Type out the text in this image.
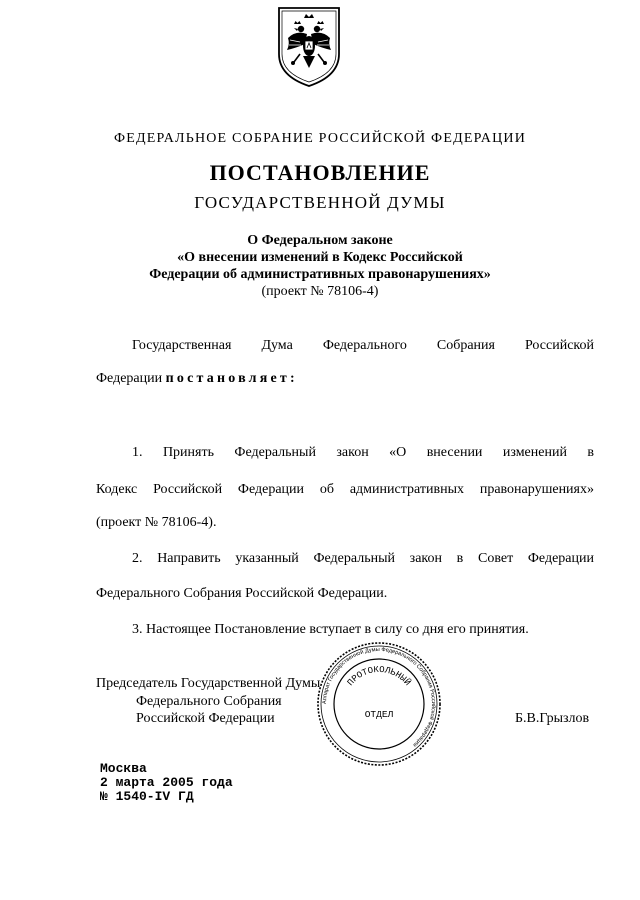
ФЕДЕРАЛЬНОЕ СОБРАНИЕ РОССИЙСКОЙ ФЕДЕРАЦИИ
ПОСТАНОВЛЕНИЕ
ГОСУДАРСТВЕННОЙ ДУМЫ
О Федеральном законе
«О внесении изменений в Кодекс Российской
Федерации об административных правонарушениях»
(проект № 78106-4)
Государственная Дума Федерального Собрания Российской
Федерации постановляет:
1. Принять Федеральный закон «О внесении изменений в
Кодекс Российской Федерации об административных правонарушениях»
(проект № 78106-4).
2. Направить указанный Федеральный закон в Совет Федерации
Федерального Собрания Российской Федерации.
3. Настоящее Постановление вступает в силу со дня его принятия.
Аппарат Государственной Думы Федерального Собрания Российской Федерации
ПРОТОКОЛЬНЫЙ
ОТДЕЛ
Председатель Государственной Думы
Федерального Собрания
Российской Федерации	Б.В.Грызлов
Москва
2 марта 2005 года
№ 1540-IV ГД
